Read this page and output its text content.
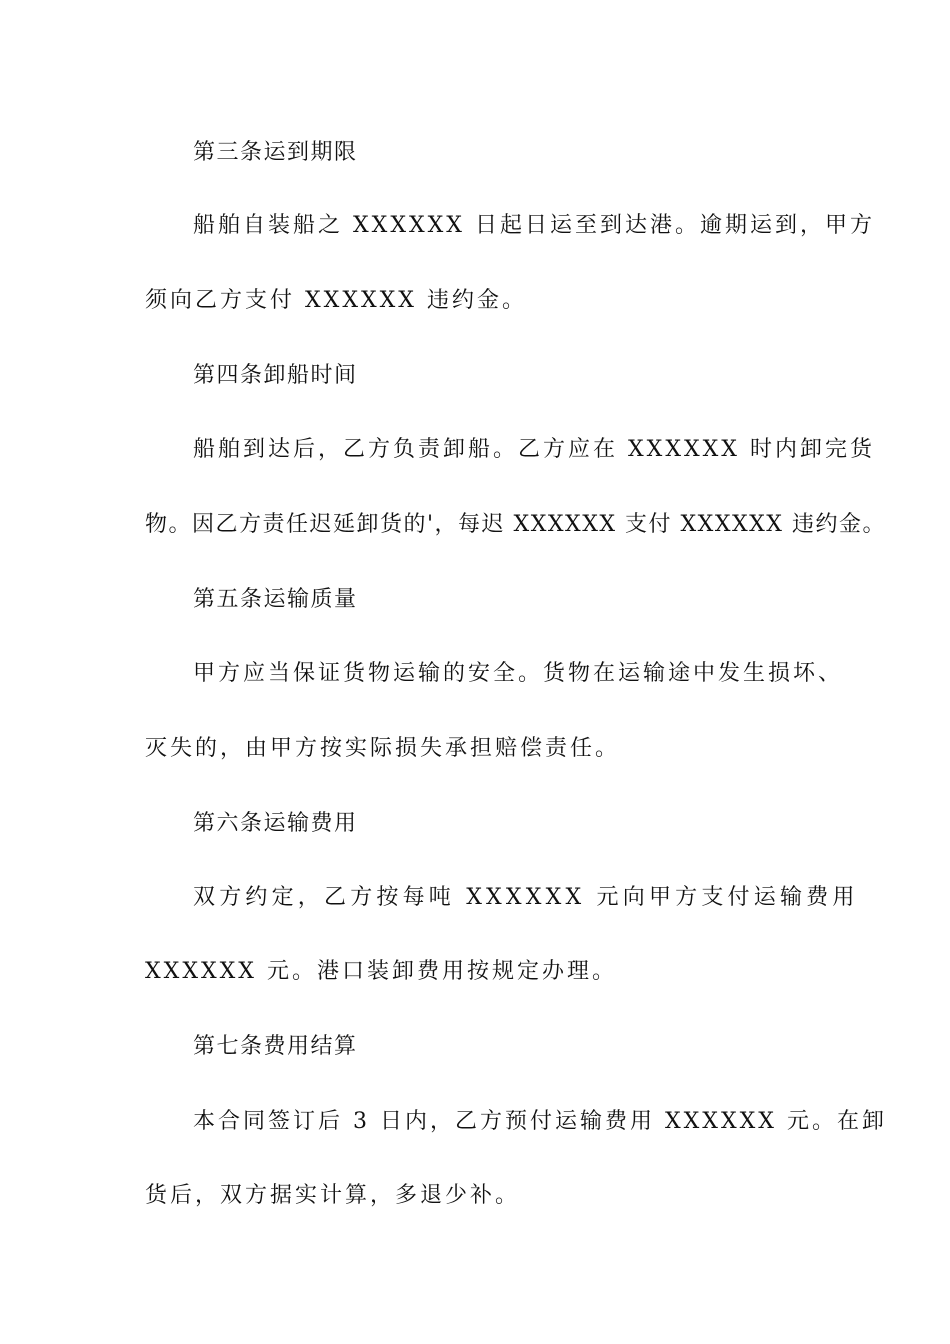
第三条运到期限
船舶自装船之 XXXXXX 日起日运至到达港。逾期运到，甲方
须向乙方支付 XXXXXX 违约金。
第四条卸船时间
船舶到达后，乙方负责卸船。乙方应在 XXXXXX 时内卸完货
物。因乙方责任迟延卸货的'，每迟 XXXXXX 支付 XXXXXX 违约金。
第五条运输质量
甲方应当保证货物运输的安全。货物在运输途中发生损坏、
灭失的，由甲方按实际损失承担赔偿责任。
第六条运输费用
双方约定，乙方按每吨 XXXXXX 元向甲方支付运输费用
XXXXXX 元。港口装卸费用按规定办理。
第七条费用结算
本合同签订后 3 日内，乙方预付运输费用 XXXXXX 元。在卸
货后，双方据实计算，多退少补。
